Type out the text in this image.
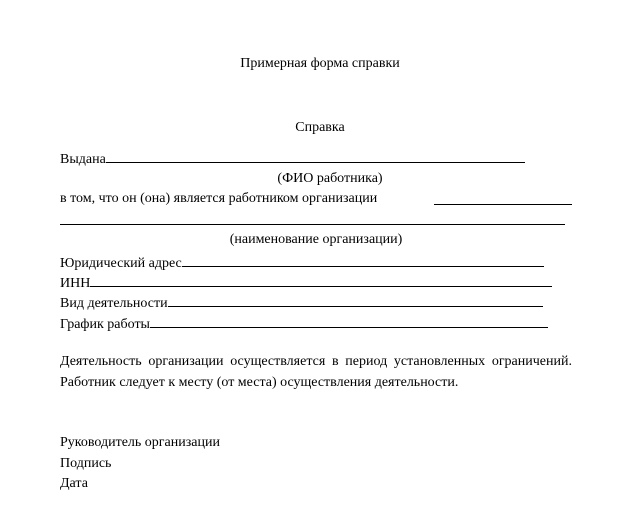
Примерная форма справки
Справка
Выдана
(ФИО работника)
в том, что он (она) является работником организации
(наименование организации)
Юридический адрес
ИНН
Вид деятельности
График работы
Деятельность организации осуществляется в период установленных ограничений. Работник следует к месту (от места) осуществления деятельности.
Руководитель организации
Подпись
Дата
